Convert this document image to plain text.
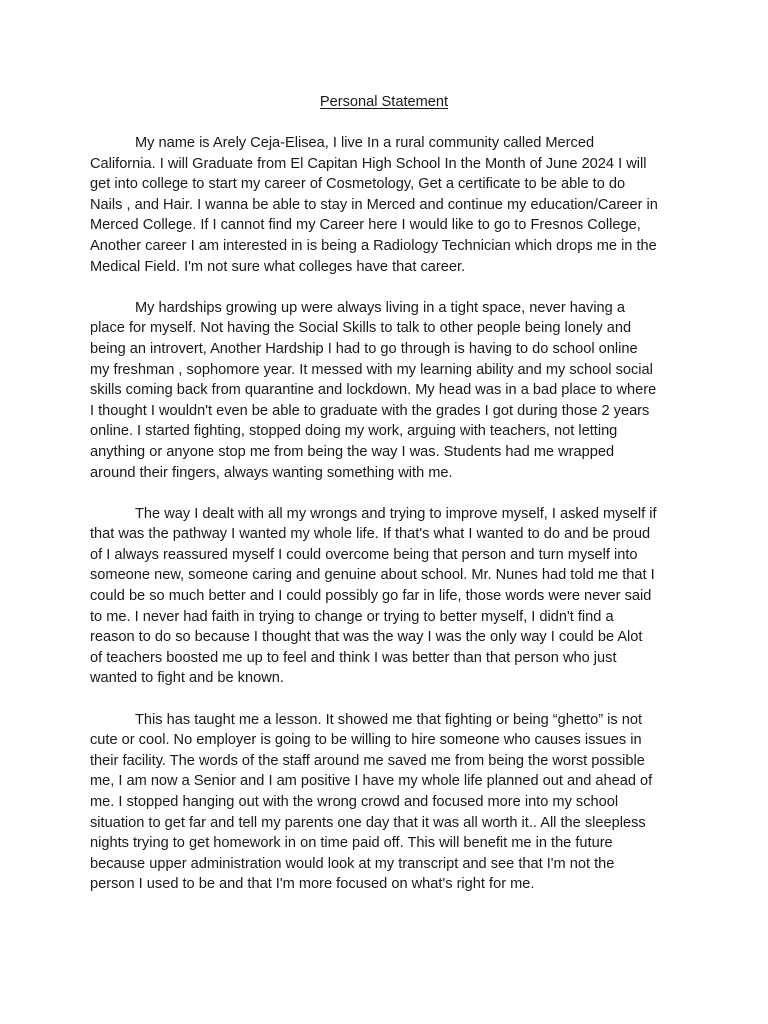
Personal Statement

My name is Arely Ceja-Elisea, I live In a rural community called Merced
California. I will Graduate from El Capitan High School In the Month of June 2024 I will
get into college to start my career of Cosmetology, Get a certificate to be able to do
Nails , and Hair. I wanna be able to stay in Merced and continue my education/Career in
Merced College. If I cannot find my Career here I would like to go to Fresnos College,
Another career I am interested in is being a Radiology Technician which drops me in the
Medical Field. I'm not sure what colleges have that career.

My hardships growing up were always living in a tight space, never having a
place for myself. Not having the Social Skills to talk to other people being lonely and
being an introvert, Another Hardship I had to go through is having to do school online
my freshman , sophomore year. It messed with my learning ability and my school social
skills coming back from quarantine and lockdown. My head was in a bad place to where
I thought I wouldn't even be able to graduate with the grades I got during those 2 years
online. I started fighting, stopped doing my work, arguing with teachers, not letting
anything or anyone stop me from being the way I was. Students had me wrapped
around their fingers, always wanting something with me.

The way I dealt with all my wrongs and trying to improve myself, I asked myself if
that was the pathway I wanted my whole life. If that's what I wanted to do and be proud
of I always reassured myself I could overcome being that person and turn myself into
someone new, someone caring and genuine about school. Mr. Nunes had told me that I
could be so much better and I could possibly go far in life, those words were never said
to me. I never had faith in trying to change or trying to better myself, I didn't find a
reason to do so because I thought that was the way I was the only way I could be Alot
of teachers boosted me up to feel and think I was better than that person who just
wanted to fight and be known.

This has taught me a lesson. It showed me that fighting or being “ghetto” is not
cute or cool. No employer is going to be willing to hire someone who causes issues in
their facility. The words of the staff around me saved me from being the worst possible
me, I am now a Senior and I am positive I have my whole life planned out and ahead of
me. I stopped hanging out with the wrong crowd and focused more into my school
situation to get far and tell my parents one day that it was all worth it.. All the sleepless
nights trying to get homework in on time paid off. This will benefit me in the future
because upper administration would look at my transcript and see that I'm not the
person I used to be and that I'm more focused on what's right for me.
